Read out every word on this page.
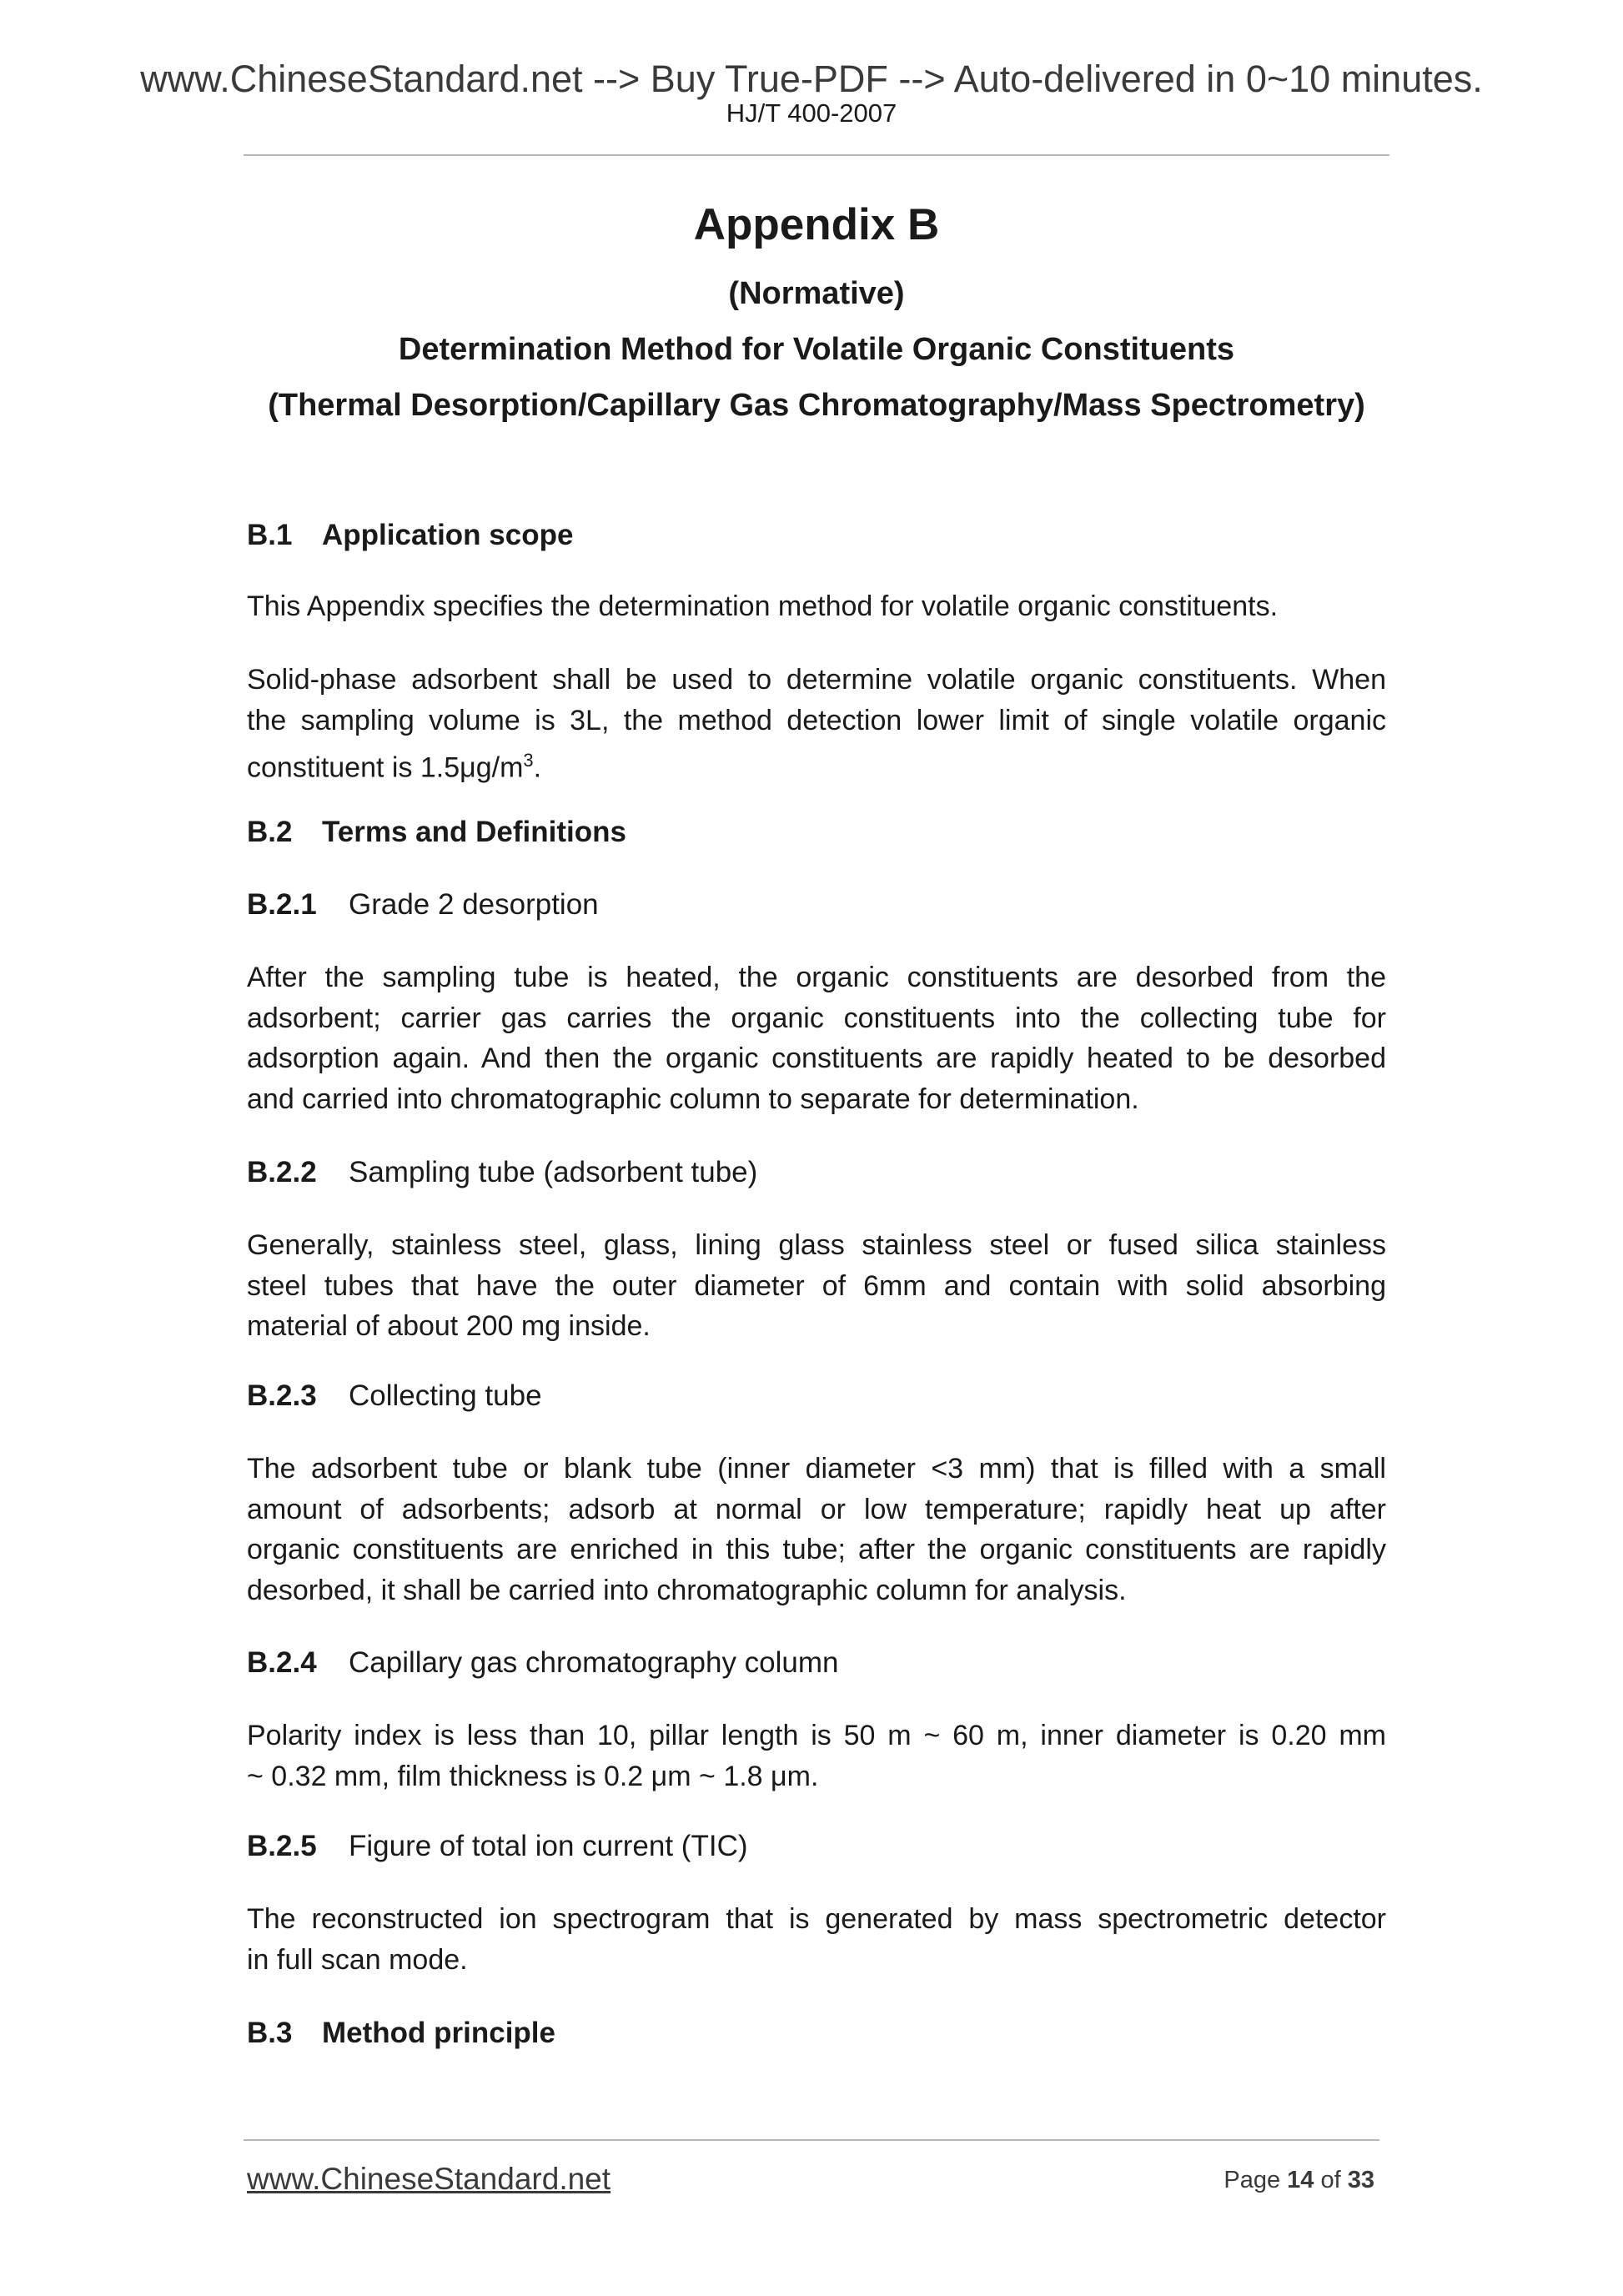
www.ChineseStandard.net --> Buy True-PDF --> Auto-delivered in 0~10 minutes.
HJ/T 400-2007
Appendix B
(Normative)
Determination Method for Volatile Organic Constituents
(Thermal Desorption/Capillary Gas Chromatography/Mass Spectrometry)
B.1 Application scope
This Appendix specifies the determination method for volatile organic constituents.
Solid-phase adsorbent shall be used to determine volatile organic constituents. When
the sampling volume is 3L, the method detection lower limit of single volatile organic
constituent is $1.5\mu g/m^3$.
B.2 Terms and Definitions
B.2.1 Grade 2 desorption
After the sampling tube is heated, the organic constituents are desorbed from the
adsorbent; carrier gas carries the organic constituents into the collecting tube for
adsorption again. And then the organic constituents are rapidly heated to be desorbed
and carried into chromatographic column to separate for determination.
B.2.2 Sampling tube (adsorbent tube)
Generally, stainless steel, glass, lining glass stainless steel or fused silica stainless
steel tubes that have the outer diameter of 6mm and contain with solid absorbing
material of about 200 mg inside.
B.2.3 Collecting tube
The adsorbent tube or blank tube (inner diameter <3 mm) that is filled with a small
amount of adsorbents; adsorb at normal or low temperature; rapidly heat up after
organic constituents are enriched in this tube; after the organic constituents are rapidly
desorbed, it shall be carried into chromatographic column for analysis.
B.2.4 Capillary gas chromatography column
Polarity index is less than 10, pillar length is 50 m ~ 60 m, inner diameter is 0.20 mm
~ 0.32 mm, film thickness is 0.2 μm ~ 1.8 μm.
B.2.5 Figure of total ion current (TIC)
The reconstructed ion spectrogram that is generated by mass spectrometric detector
in full scan mode.
B.3 Method principle
www.ChineseStandard.net	Page 14 of 33
